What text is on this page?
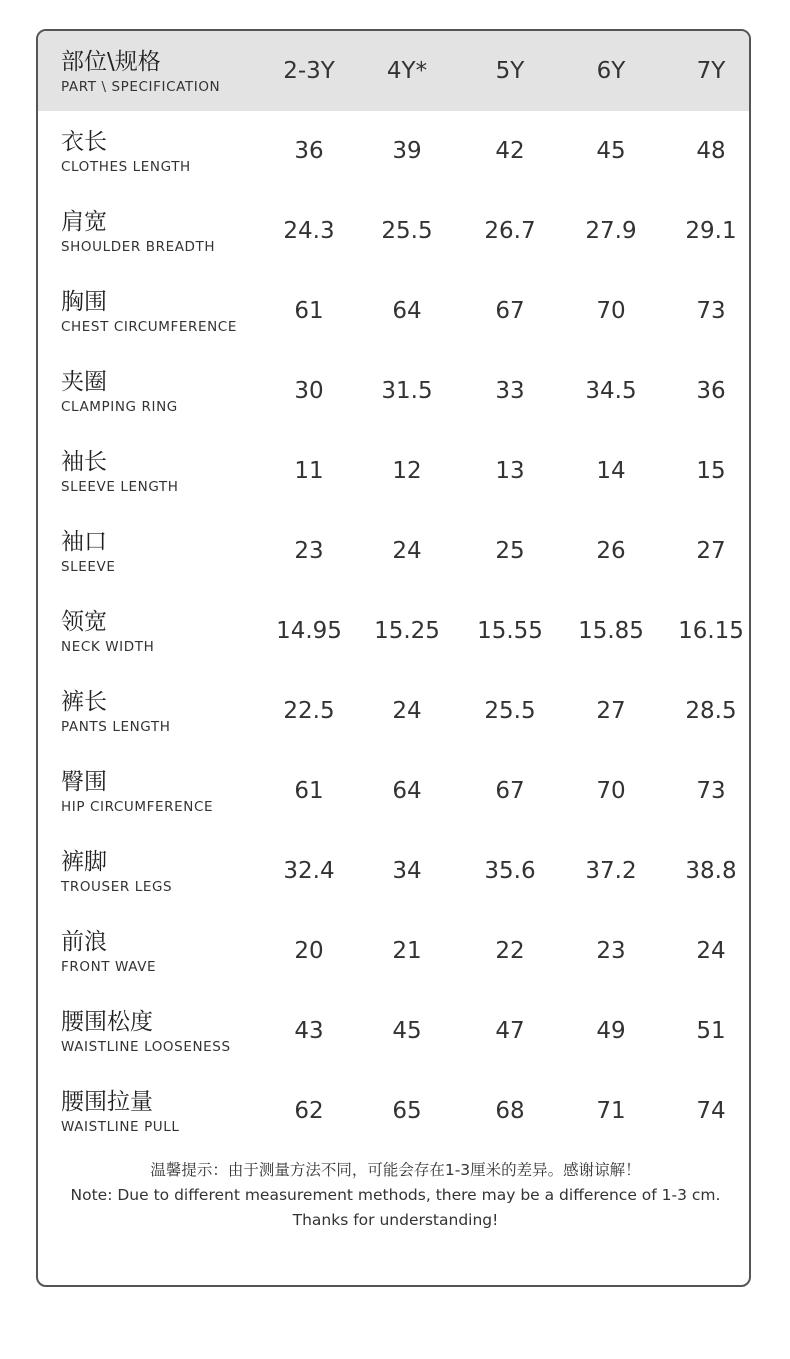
部位\规格
PART \ SPECIFICATION
2-3Y	4Y*	5Y	6Y	7Y
衣长
CLOTHES LENGTH
36	39	42	45	48
肩宽
SHOULDER BREADTH
24.3	25.5	26.7	27.9	29.1
胸围
CHEST CIRCUMFERENCE
61	64	67	70	73
夹圈
CLAMPING RING
30	31.5	33	34.5	36
袖长
SLEEVE LENGTH
11	12	13	14	15
袖口
SLEEVE
23	24	25	26	27
领宽
NECK WIDTH
14.95	15.25	15.55	15.85	16.15
裤长
PANTS LENGTH
22.5	24	25.5	27	28.5
臀围
HIP CIRCUMFERENCE
61	64	67	70	73
裤脚
TROUSER LEGS
32.4	34	35.6	37.2	38.8
前浪
FRONT WAVE
20	21	22	23	24
腰围松度
WAISTLINE LOOSENESS
43	45	47	49	51
腰围拉量
WAISTLINE PULL
62	65	68	71	74
温馨提示：由于测量方法不同，可能会存在1-3厘米的差异。感谢谅解！
Note: Due to different measurement methods, there may be a difference of 1-3 cm.
Thanks for understanding!
